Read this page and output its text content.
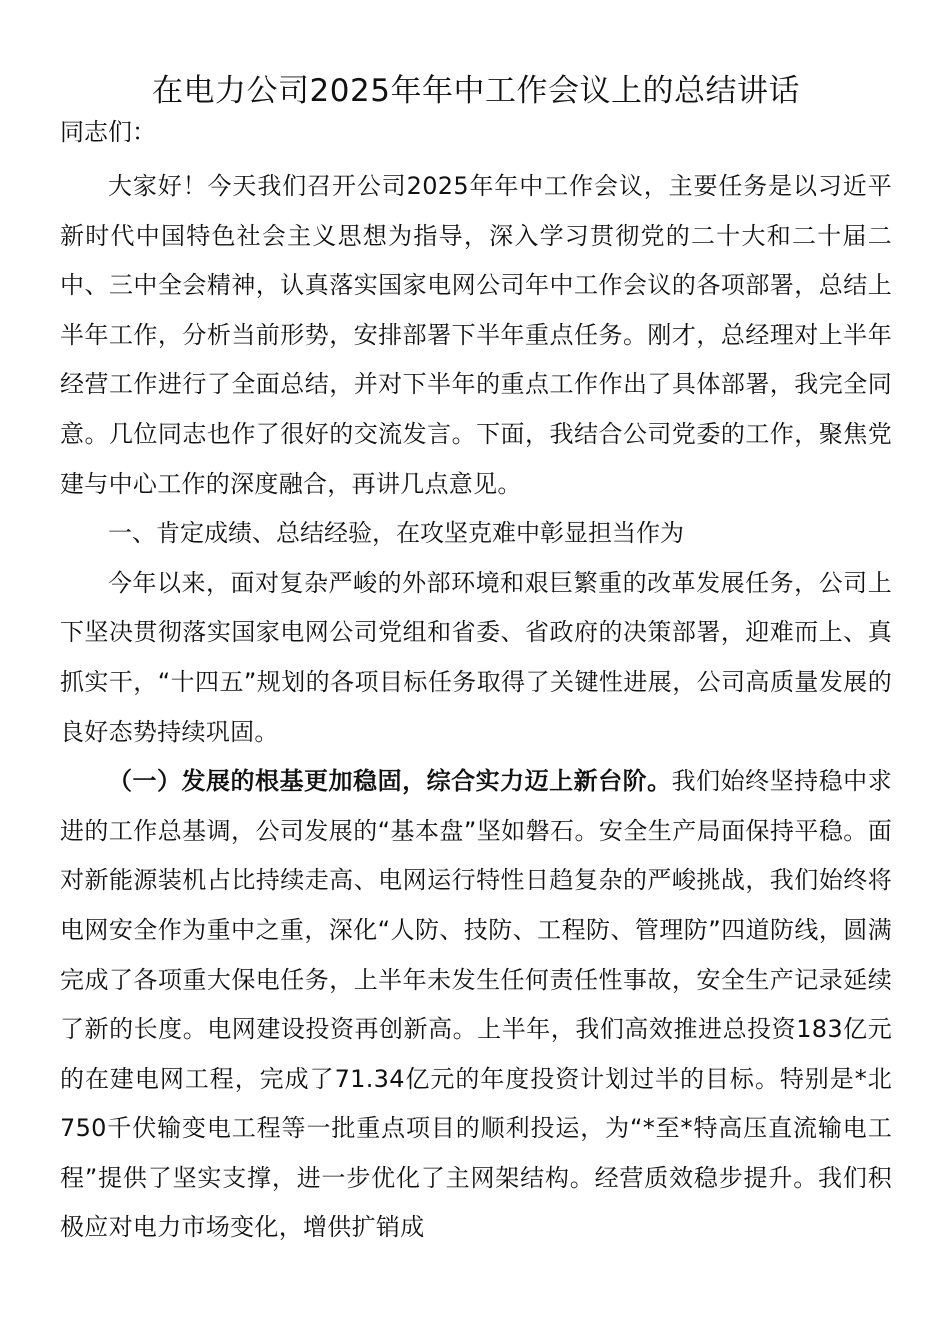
在电力公司2025年年中工作会议上的总结讲话

同志们：

大家好！今天我们召开公司2025年年中工作会议，主要任务是以习近平新时代中国特色社会主义思想为指导，深入学习贯彻党的二十大和二十届二中、三中全会精神，认真落实国家电网公司年中工作会议的各项部署，总结上半年工作，分析当前形势，安排部署下半年重点任务。刚才，总经理对上半年经营工作进行了全面总结，并对下半年的重点工作作出了具体部署，我完全同意。几位同志也作了很好的交流发言。下面，我结合公司党委的工作，聚焦党建与中心工作的深度融合，再讲几点意见。

一、肯定成绩、总结经验，在攻坚克难中彰显担当作为

今年以来，面对复杂严峻的外部环境和艰巨繁重的改革发展任务，公司上下坚决贯彻落实国家电网公司党组和省委、省政府的决策部署，迎难而上、真抓实干，“十四五”规划的各项目标任务取得了关键性进展，公司高质量发展的良好态势持续巩固。

（一）发展的根基更加稳固，综合实力迈上新台阶。我们始终坚持稳中求进的工作总基调，公司发展的“基本盘”坚如磐石。安全生产局面保持平稳。面对新能源装机占比持续走高、电网运行特性日趋复杂的严峻挑战，我们始终将电网安全作为重中之重，深化“人防、技防、工程防、管理防”四道防线，圆满完成了各项重大保电任务，上半年未发生任何责任性事故，安全生产记录延续了新的长度。电网建设投资再创新高。上半年，我们高效推进总投资183亿元的在建电网工程，完成了71.34亿元的年度投资计划过半的目标。特别是*北750千伏输变电工程等一批重点项目的顺利投运，为“*至*特高压直流输电工程”提供了坚实支撑，进一步优化了主网架结构。经营质效稳步提升。我们积极应对电力市场变化，增供扩销成
